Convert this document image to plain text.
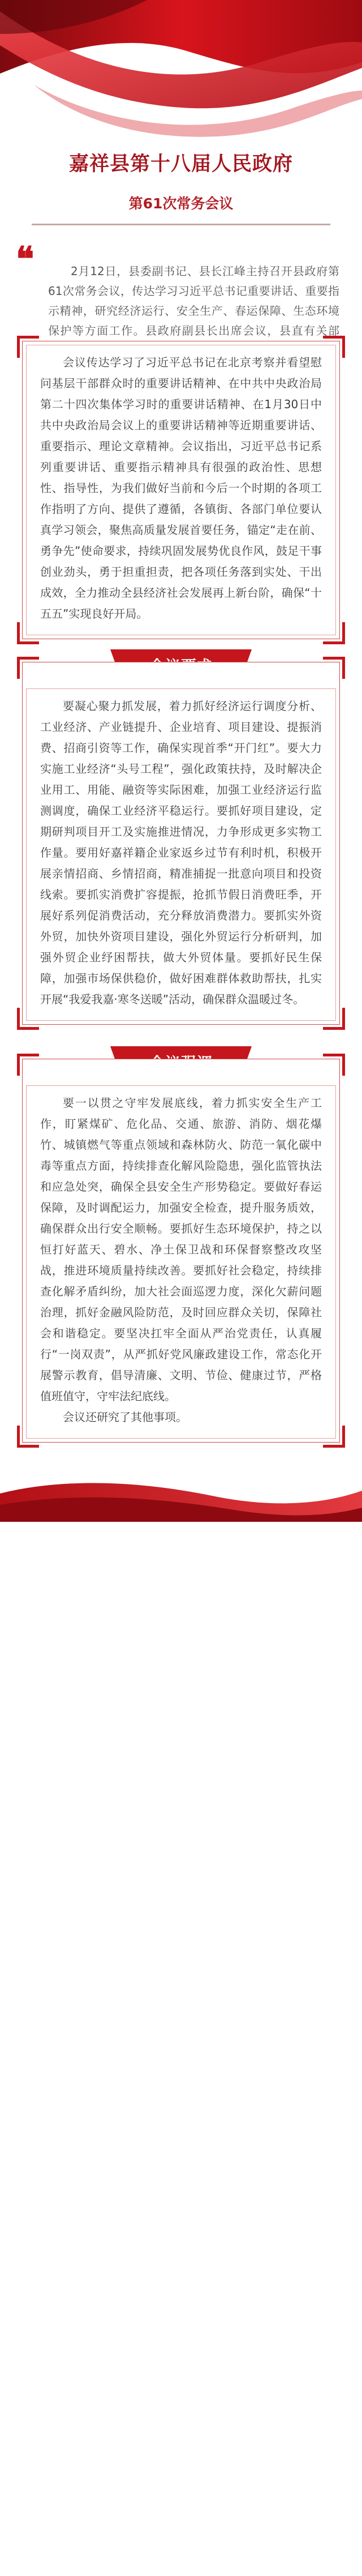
嘉祥县第十八届人民政府
第61次常务会议
❝	2月12日，县委副书记、县长江峰主持召开县政府第61次常务会议，传达学习习近平总书记重要讲话、重要指示精神，研究经济运行、安全生产、春运保障、生态环境保护等方面工作。县政府副县长出席会议，县直有关部

会议传达学习了习近平总书记在北京考察并看望慰问基层干部群众时的重要讲话精神、在中共中央政治局第二十四次集体学习时的重要讲话精神、在1月30日中共中央政治局会议上的重要讲话精神等近期重要讲话、重要指示、理论文章精神。会议指出，习近平总书记系列重要讲话、重要指示精神具有很强的政治性、思想性、指导性，为我们做好当前和今后一个时期的各项工作指明了方向、提供了遵循，各镇街、各部门单位要认真学习领会，聚焦高质量发展首要任务，锚定“走在前、勇争先”使命要求，持续巩固发展势优良作风，鼓足干事创业劲头，勇于担重担责，把各项任务落到实处、干出成效，全力推动全县经济社会发展再上新台阶，确保“十五五”实现良好开局。

要凝心聚力抓发展，着力抓好经济运行调度分析、工业经济、产业链提升、企业培育、项目建设、提振消费、招商引资等工作，确保实现首季“开门红”。要大力实施工业经济“头号工程”，强化政策扶持，及时解决企业用工、用能、融资等实际困难，加强工业经济运行监测调度，确保工业经济平稳运行。要抓好项目建设，定期研判项目开工及实施推进情况，力争形成更多实物工作量。要用好嘉祥籍企业家返乡过节有利时机，积极开展亲情招商、乡情招商，精准捕捉一批意向项目和投资线索。要抓实消费扩容提振，抢抓节假日消费旺季，开展好系列促消费活动，充分释放消费潜力。要抓实外资外贸，加快外资项目建设，强化外贸运行分析研判，加强外贸企业纾困帮扶，做大外贸体量。要抓好民生保障，加强市场保供稳价，做好困难群体救助帮扶，扎实开展“我爱我嘉·寒冬送暖”活动，确保群众温暖过冬。

要一以贯之守牢发展底线，着力抓实安全生产工作，盯紧煤矿、危化品、交通、旅游、消防、烟花爆竹、城镇燃气等重点领域和森林防火、防范一氧化碳中毒等重点方面，持续排查化解风险隐患，强化监管执法和应急处突，确保全县安全生产形势稳定。要做好春运保障，及时调配运力，加强安全检查，提升服务质效，确保群众出行安全顺畅。要抓好生态环境保护，持之以恒打好蓝天、碧水、净土保卫战和环保督察整改攻坚战，推进环境质量持续改善。要抓好社会稳定，持续排查化解矛盾纠纷，加大社会面巡逻力度，深化欠薪问题治理，抓好金融风险防范，及时回应群众关切，保障社会和谐稳定。要坚决扛牢全面从严治党责任，认真履行“一岗双责”，从严抓好党风廉政建设工作，常态化开展警示教育，倡导清廉、文明、节俭、健康过节，严格值班值守，守牢法纪底线。

会议还研究了其他事项。
